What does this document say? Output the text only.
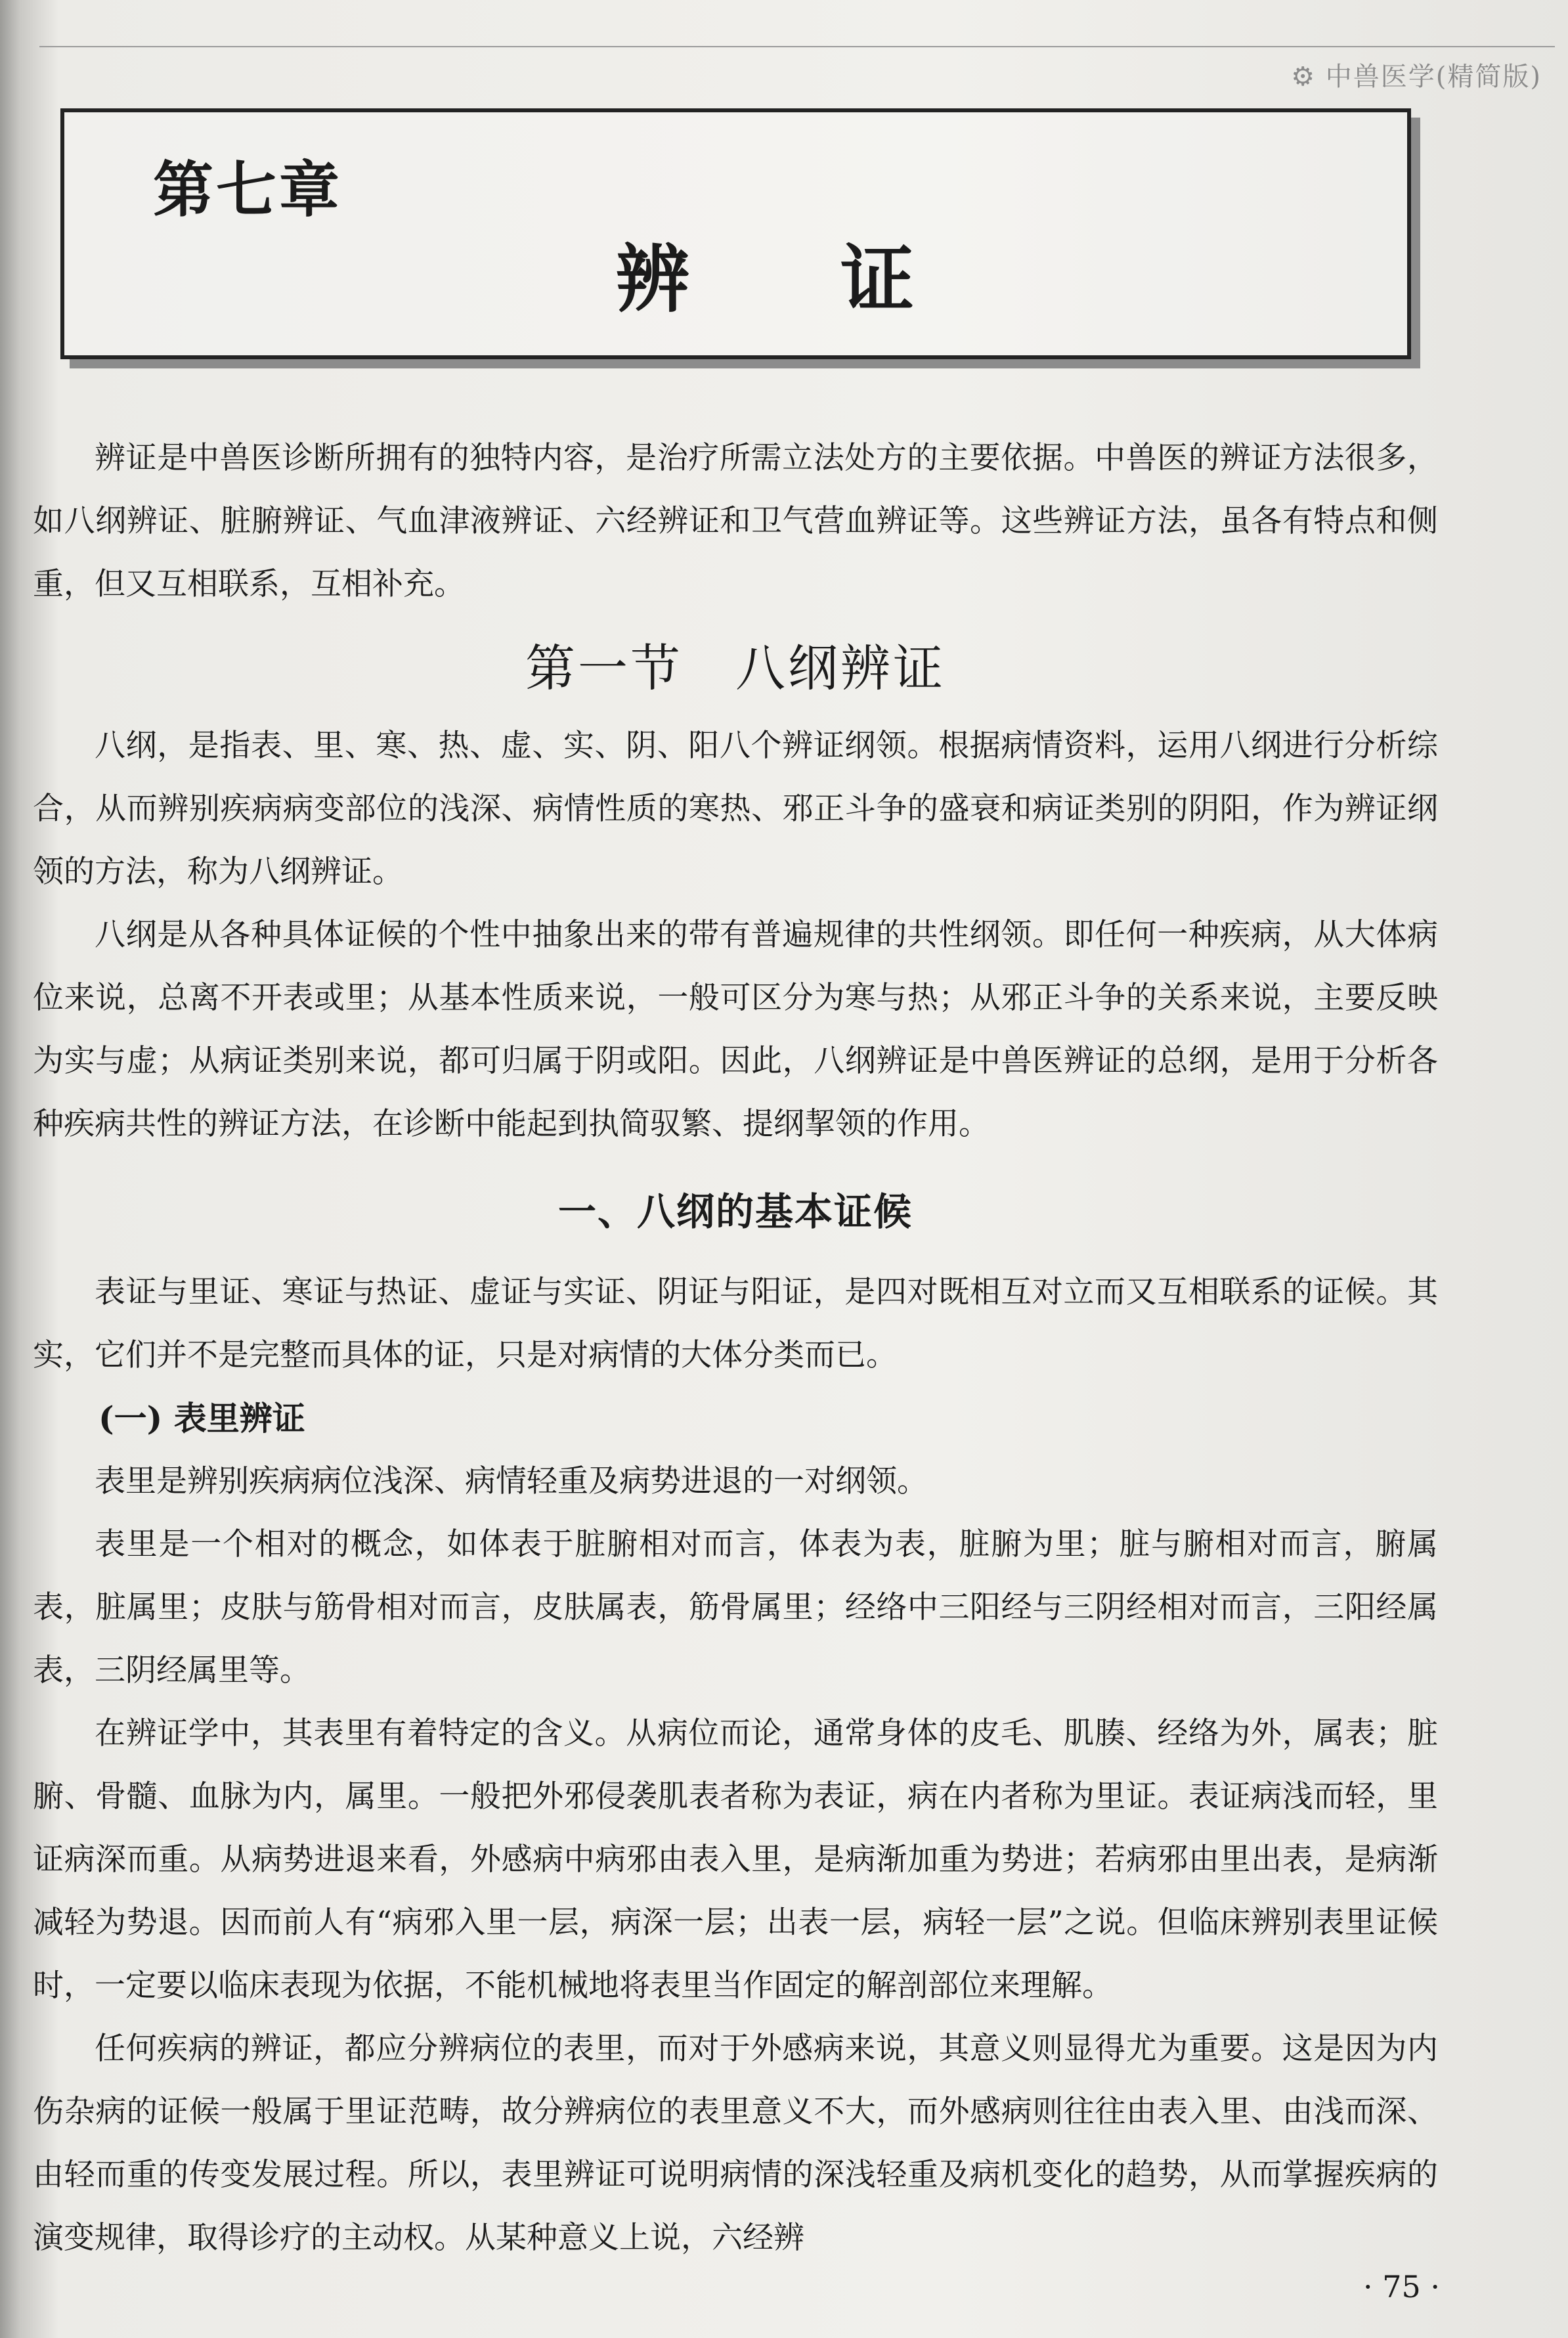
⚙ 中兽医学(精简版)
第七章
辨证

辨证是中兽医诊断所拥有的独特内容，是治疗所需立法处方的主要依据。中兽医的辨证方法很多，如八纲辨证、脏腑辨证、气血津液辨证、六经辨证和卫气营血辨证等。这些辨证方法，虽各有特点和侧重，但又互相联系，互相补充。

第一节　八纲辨证

八纲，是指表、里、寒、热、虚、实、阴、阳八个辨证纲领。根据病情资料，运用八纲进行分析综合，从而辨别疾病病变部位的浅深、病情性质的寒热、邪正斗争的盛衰和病证类别的阴阳，作为辨证纲领的方法，称为八纲辨证。

八纲是从各种具体证候的个性中抽象出来的带有普遍规律的共性纲领。即任何一种疾病，从大体病位来说，总离不开表或里；从基本性质来说，一般可区分为寒与热；从邪正斗争的关系来说，主要反映为实与虚；从病证类别来说，都可归属于阴或阳。因此，八纲辨证是中兽医辨证的总纲，是用于分析各种疾病共性的辨证方法，在诊断中能起到执简驭繁、提纲挈领的作用。

一、八纲的基本证候

表证与里证、寒证与热证、虚证与实证、阴证与阳证，是四对既相互对立而又互相联系的证候。其实，它们并不是完整而具体的证，只是对病情的大体分类而已。

(一) 表里辨证

表里是辨别疾病病位浅深、病情轻重及病势进退的一对纲领。

表里是一个相对的概念，如体表于脏腑相对而言，体表为表，脏腑为里；脏与腑相对而言，腑属表，脏属里；皮肤与筋骨相对而言，皮肤属表，筋骨属里；经络中三阳经与三阴经相对而言，三阳经属表，三阴经属里等。

在辨证学中，其表里有着特定的含义。从病位而论，通常身体的皮毛、肌腠、经络为外，属表；脏腑、骨髓、血脉为内，属里。一般把外邪侵袭肌表者称为表证，病在内者称为里证。表证病浅而轻，里证病深而重。从病势进退来看，外感病中病邪由表入里，是病渐加重为势进；若病邪由里出表，是病渐减轻为势退。因而前人有“病邪入里一层，病深一层；出表一层，病轻一层”之说。但临床辨别表里证候时，一定要以临床表现为依据，不能机械地将表里当作固定的解剖部位来理解。

任何疾病的辨证，都应分辨病位的表里，而对于外感病来说，其意义则显得尤为重要。这是因为内伤杂病的证候一般属于里证范畴，故分辨病位的表里意义不大，而外感病则往往由表入里、由浅而深、由轻而重的传变发展过程。所以，表里辨证可说明病情的深浅轻重及病机变化的趋势，从而掌握疾病的演变规律，取得诊疗的主动权。从某种意义上说，六经辨

· 75 ·
